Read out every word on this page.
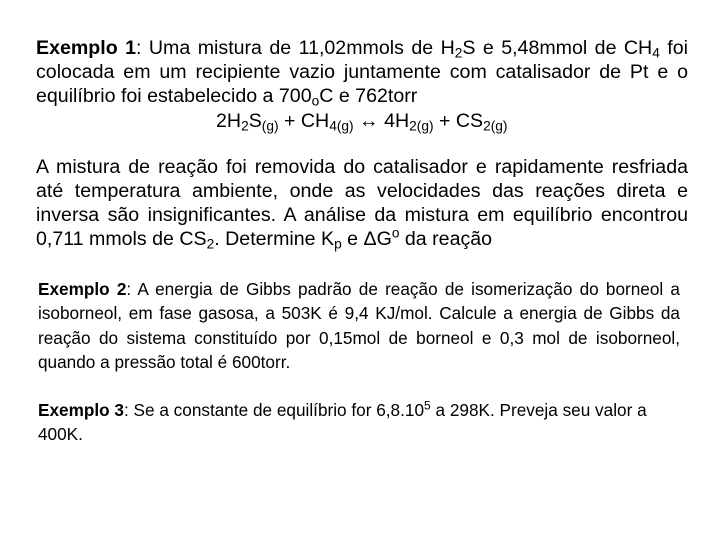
Exemplo 1: Uma mistura de 11,02mmols de $H_2S$ e 5,48mmol de $CH_4$ foi colocada em um recipiente vazio juntamente com catalisador de Pt e o equilíbrio foi estabelecido a $700_oC$ e 762torr

$2H_2S_{(g)} + CH_{4(g)}$ ↔ $4H_{2(g)} + CS_{2(g)}$

A mistura de reação foi removida do catalisador e rapidamente resfriada até temperatura ambiente, onde as velocidades das reações direta e inversa são insignificantes. A análise da mistura em equilíbrio encontrou 0,711 mmols de $CS_2$. Determine $K_p$ e $\Delta G^o$ da reação

Exemplo 2: A energia de Gibbs padrão de reação de isomerização do borneol a isoborneol, em fase gasosa, a 503K é 9,4 KJ/mol. Calcule a energia de Gibbs da reação do sistema constituído por 0,15mol de borneol e 0,3 mol de isoborneol, quando a pressão total é 600torr.

Exemplo 3: Se a constante de equilíbrio for 6,8.10$^5$ a 298K. Preveja seu valor a 400K.
